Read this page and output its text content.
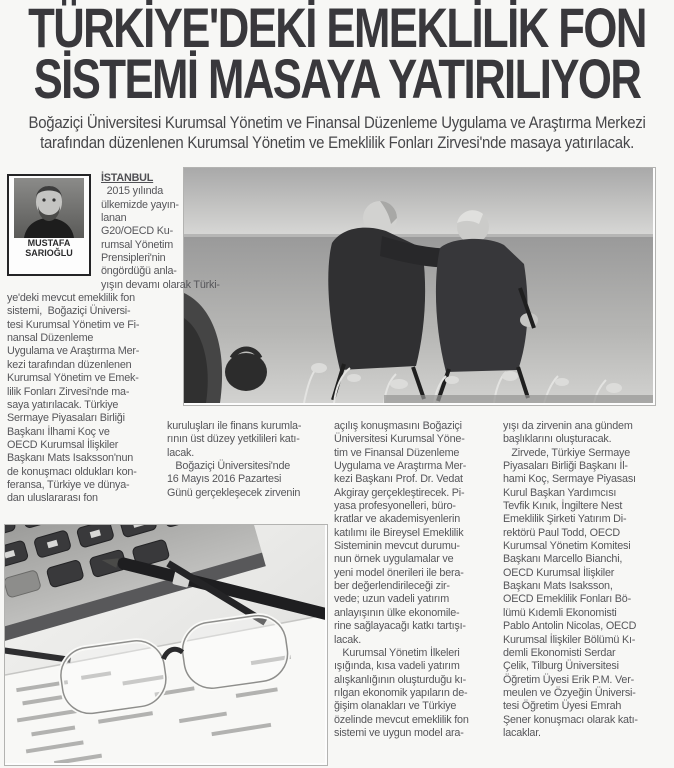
TÜRKİYE'DEKİ EMEKLİLİK FON
SİSTEMİ MASAYA YATIRILIYOR
Boğaziçi Üniversitesi Kurumsal Yönetim ve Finansal Düzenleme Uygulama ve Araştırma Merkezi
tarafından düzenlenen Kurumsal Yönetim ve Emeklilik Fonları Zirvesi'nde masaya yatırılacak.
MUSTAFA
SARIOĞLU
İSTANBUL
2015 yılında
ülkemizde yayın-
lanan
G20/OECD Ku-
rumsal Yönetim
Prensipleri'nin
öngördüğü anla-
yışın devamı olarak Türki-
ye'deki mevcut emeklilik fon
sistemi,  Boğaziçi Üniversi-
tesi Kurumsal Yönetim ve Fi-
nansal Düzenleme
Uygulama ve Araştırma Mer-
kezi tarafından düzenlenen
Kurumsal Yönetim ve Emek-
lilik Fonları Zirvesi'nde ma-
saya yatırılacak. Türkiye
Sermaye Piyasaları Birliği
Başkanı İlhami Koç ve
OECD Kurumsal İlişkiler
Başkanı Mats Isaksson'nun
de konuşmacı oldukları kon-
feransa, Türkiye ve dünya-
dan uluslararası fon
kuruluşları ile finans kurumla-
rının üst düzey yetkilileri katı-
lacak.
Boğaziçi Üniversitesi'nde
16 Mayıs 2016 Pazartesi
Günü gerçekleşecek zirvenin
açılış konuşmasını Boğaziçi
Üniversitesi Kurumsal Yöne-
tim ve Finansal Düzenleme
Uygulama ve Araştırma Mer-
kezi Başkanı Prof. Dr. Vedat
Akgiray gerçekleştirecek. Pi-
yasa profesyonelleri, büro-
kratlar ve akademisyenlerin
katılımı ile Bireysel Emeklilik
Sisteminin mevcut durumu-
nun örnek uygulamalar ve
yeni model önerileri ile bera-
ber değerlendirileceği zir-
vede; uzun vadeli yatırım
anlayışının ülke ekonomile-
rine sağlayacağı katkı tartışı-
lacak.
Kurumsal Yönetim İlkeleri
ışığında, kısa vadeli yatırım
alışkanlığının oluşturduğu kı-
rılgan ekonomik yapıların de-
ğişim olanakları ve Türkiye
özelinde mevcut emeklilik fon
sistemi ve uygun model ara-
yışı da zirvenin ana gündem
başlıklarını oluşturacak.
Zirvede, Türkiye Sermaye
Piyasaları Birliği Başkanı İl-
hami Koç, Sermaye Piyasası
Kurul Başkan Yardımcısı
Tevfik Kınık, İngiltere Nest
Emeklilik Şirketi Yatırım Di-
rektörü Paul Todd, OECD
Kurumsal Yönetim Komitesi
Başkanı Marcello Bianchi,
OECD Kurumsal İlişkiler
Başkanı Mats Isaksson,
OECD Emeklilik Fonları Bö-
lümü Kıdemli Ekonomisti
Pablo Antolin Nicolas, OECD
Kurumsal İlişkiler Bölümü Kı-
demli Ekonomisti Serdar
Çelik, Tilburg Üniversitesi
Öğretim Üyesi Erik P.M. Ver-
meulen ve Özyeğin Üniversi-
tesi Öğretim Üyesi Emrah
Şener konuşmacı olarak katı-
lacaklar.
